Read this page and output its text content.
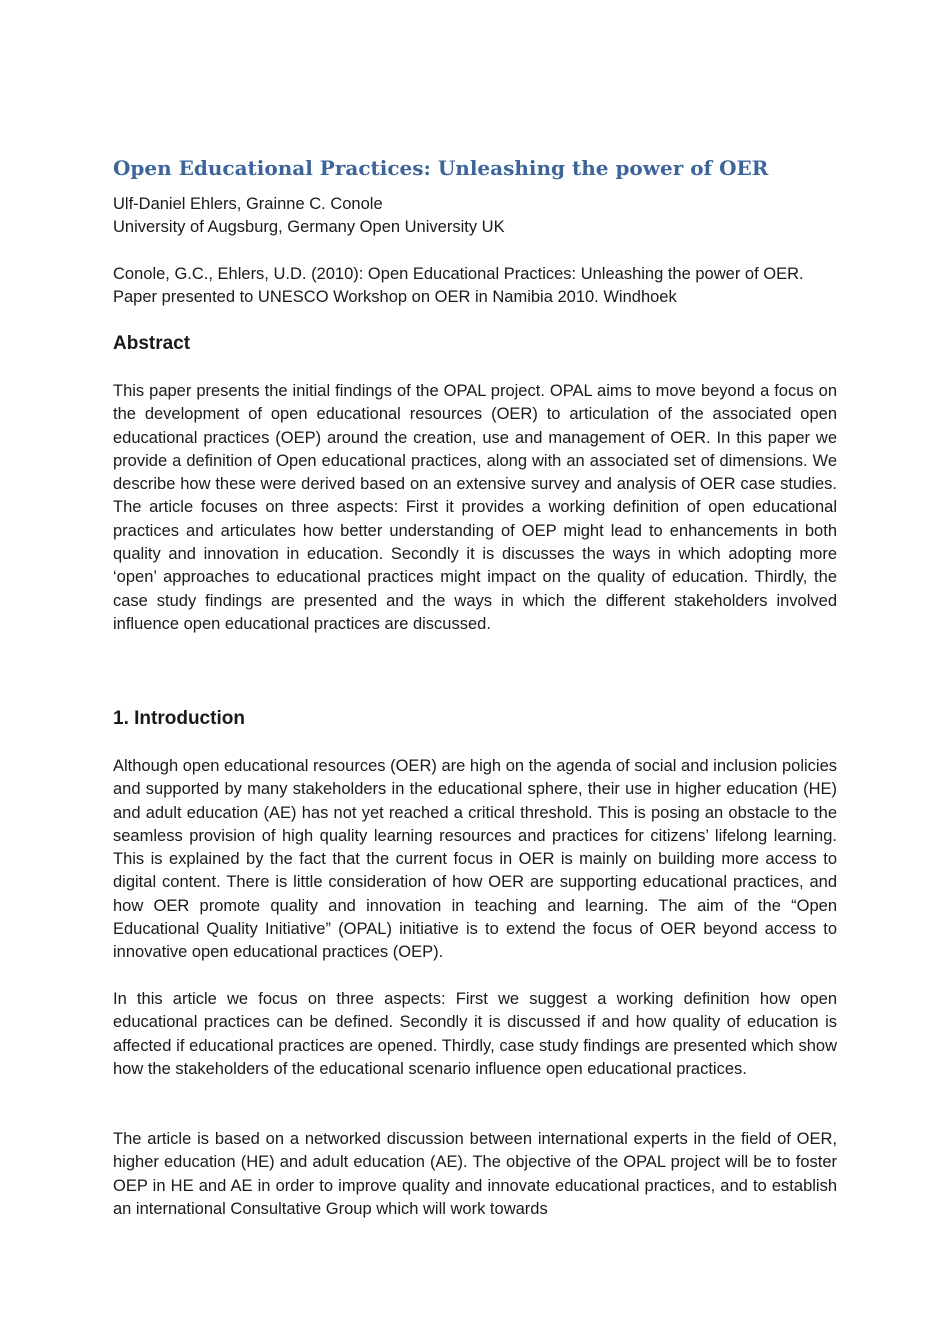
Open Educational Practices: Unleashing the power of OER

Ulf-Daniel Ehlers, Grainne C. Conole

University of Augsburg, Germany Open University UK

Conole, G.C., Ehlers, U.D. (2010): Open Educational Practices: Unleashing the power of OER.

Paper presented to UNESCO Workshop on OER in Namibia 2010. Windhoek

Abstract

This paper presents the initial findings of the OPAL project. OPAL aims to move beyond a focus on the development of open educational resources (OER) to articulation of the associated open educational practices (OEP) around the creation, use and management of OER. In this paper we provide a definition of Open educational practices, along with an associated set of dimensions. We describe how these were derived based on an extensive survey and analysis of OER case studies. The article focuses on three aspects: First it provides a working definition of open educational practices and articulates how better understanding of OEP might lead to enhancements in both quality and innovation in education. Secondly it is discusses the ways in which adopting more ‘open’ approaches to educational practices might impact on the quality of education. Thirdly, the case study findings are presented and the ways in which the different stakeholders involved influence open educational practices are discussed.

1. Introduction

Although open educational resources (OER) are high on the agenda of social and inclusion policies and supported by many stakeholders in the educational sphere, their use in higher education (HE) and adult education (AE) has not yet reached a critical threshold. This is posing an obstacle to the seamless provision of high quality learning resources and practices for citizens’ lifelong learning. This is explained by the fact that the current focus in OER is mainly on building more access to digital content. There is little consideration of how OER are supporting educational practices, and how OER promote quality and innovation in teaching and learning. The aim of the “Open Educational Quality Initiative” (OPAL) initiative is to extend the focus of OER beyond access to innovative open educational practices (OEP).

In this article we focus on three aspects: First we suggest a working definition how open educational practices can be defined. Secondly it is discussed if and how quality of education is affected if educational practices are opened. Thirdly, case study findings are presented which show how the stakeholders of the educational scenario influence open educational practices.

The article is based on a networked discussion between international experts in the field of OER, higher education (HE) and adult education (AE). The objective of the OPAL project will be to foster OEP in HE and AE in order to improve quality and innovate educational practices, and to establish an international Consultative Group which will work towards
